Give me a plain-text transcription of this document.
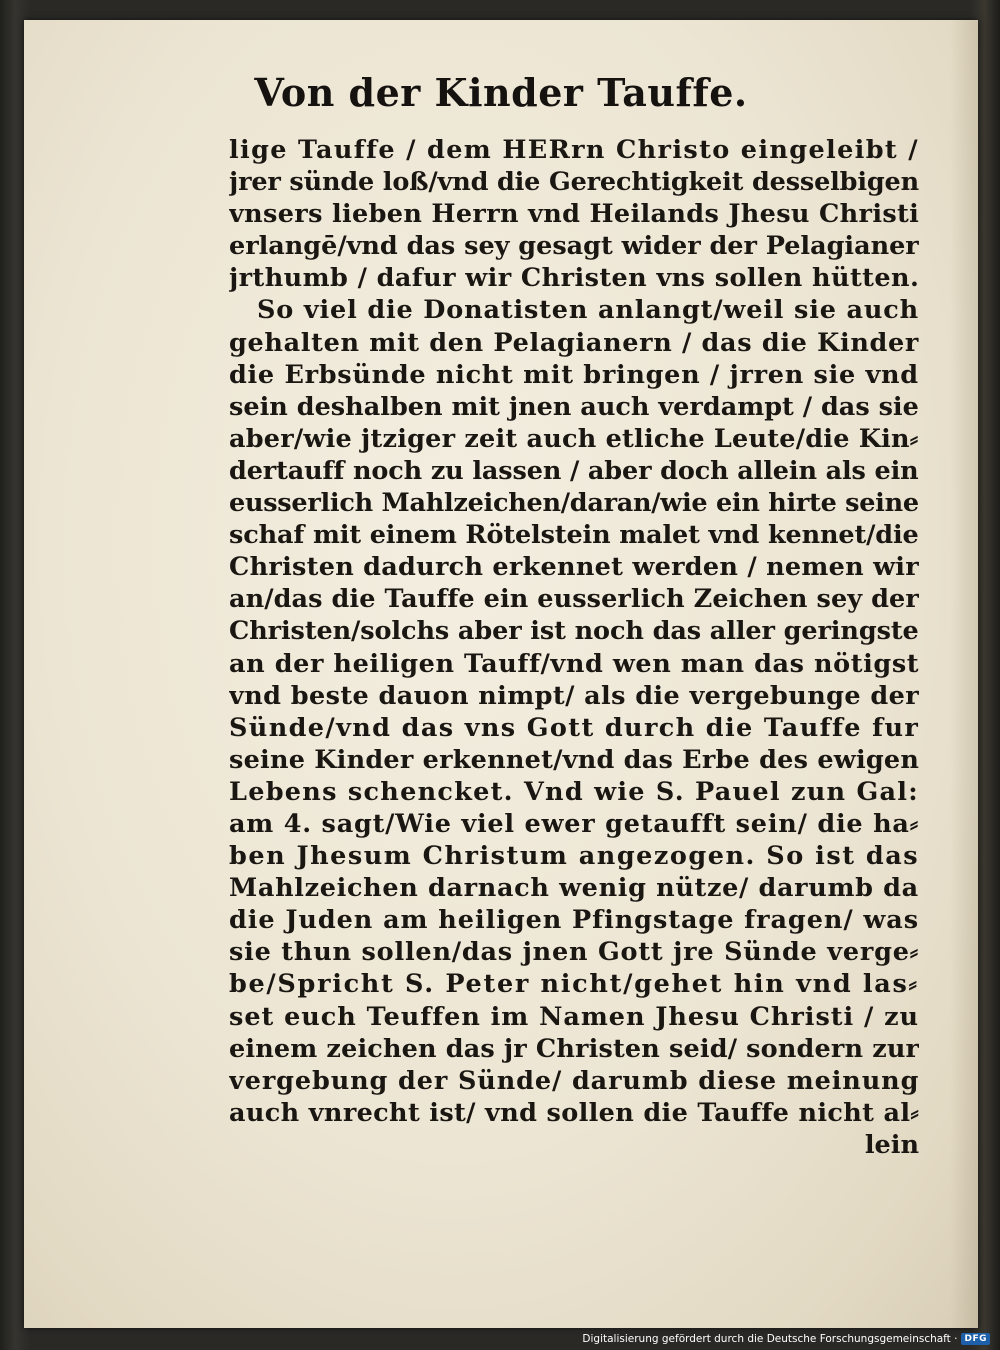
Von der Kinder Tauffe.
lige Tauffe / dem HERrn Christo eingeleibt /
jrer sünde loß/vnd die Gerechtigkeit desselbigen
vnsers lieben Herrn vnd Heilands Jhesu Christi
erlangē/vnd das sey gesagt wider der Pelagianer
jrthumb / dafur wir Christen vns sollen hütten.
So viel die Donatisten anlangt/weil sie auch
gehalten mit den Pelagianern / das die Kinder
die Erbsünde nicht mit bringen / jrren sie vnd
sein deshalben mit jnen auch verdampt / das sie
aber/wie jtziger zeit auch etliche Leute/die Kin⸗
dertauff noch zu lassen / aber doch allein als ein
eusserlich Mahlzeichen/daran/wie ein hirte seine
schaf mit einem Rötelstein malet vnd kennet/die
Christen dadurch erkennet werden / nemen wir
an/das die Tauffe ein eusserlich Zeichen sey der
Christen/solchs aber ist noch das aller geringste
an der heiligen Tauff/vnd wen man das nötigst
vnd beste dauon nimpt/ als die vergebunge der
Sünde/vnd das vns Gott durch die Tauffe fur
seine Kinder erkennet/vnd das Erbe des ewigen
Lebens schencket. Vnd wie S. Pauel zun Gal:
am 4. sagt/Wie viel ewer getaufft sein/ die ha⸗
ben Jhesum Christum angezogen. So ist das
Mahlzeichen darnach wenig nütze/ darumb da
die Juden am heiligen Pfingstage fragen/ was
sie thun sollen/das jnen Gott jre Sünde verge⸗
be/Spricht S. Peter nicht/gehet hin vnd las⸗
set euch Teuffen im Namen Jhesu Christi / zu
einem zeichen das jr Christen seid/ sondern zur
vergebung der Sünde/ darumb diese meinung
auch vnrecht ist/ vnd sollen die Tauffe nicht al⸗
lein
Digitalisierung gefördert durch die Deutsche Forschungsgemeinschaft · DFG
